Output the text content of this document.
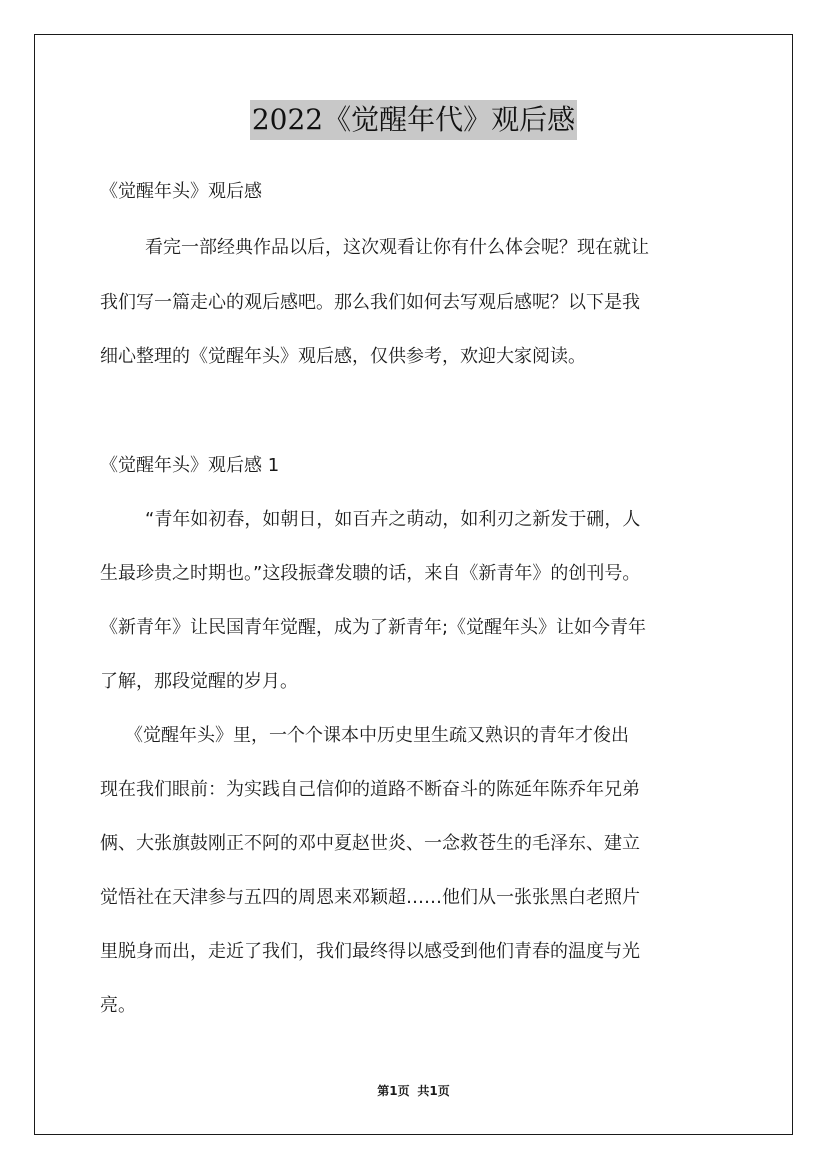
2022《觉醒年代》观后感
《觉醒年头》观后感
看完一部经典作品以后，这次观看让你有什么体会呢？现在就让
我们写一篇走心的观后感吧。那么我们如何去写观后感呢？以下是我
细心整理的《觉醒年头》观后感，仅供参考，欢迎大家阅读。
《觉醒年头》观后感 1
“青年如初春，如朝日，如百卉之萌动，如利刃之新发于硎，人
生最珍贵之时期也。”这段振聋发聩的话，来自《新青年》的创刊号。
《新青年》让民国青年觉醒，成为了新青年;《觉醒年头》让如今青年
了解，那段觉醒的岁月。
《觉醒年头》里，一个个课本中历史里生疏又熟识的青年才俊出
现在我们眼前：为实践自己信仰的道路不断奋斗的陈延年陈乔年兄弟
俩、大张旗鼓刚正不阿的邓中夏赵世炎、一念救苍生的毛泽东、建立
觉悟社在天津参与五四的周恩来邓颖超……他们从一张张黑白老照片
里脱身而出，走近了我们，我们最终得以感受到他们青春的温度与光
亮。
第1页 共1页
